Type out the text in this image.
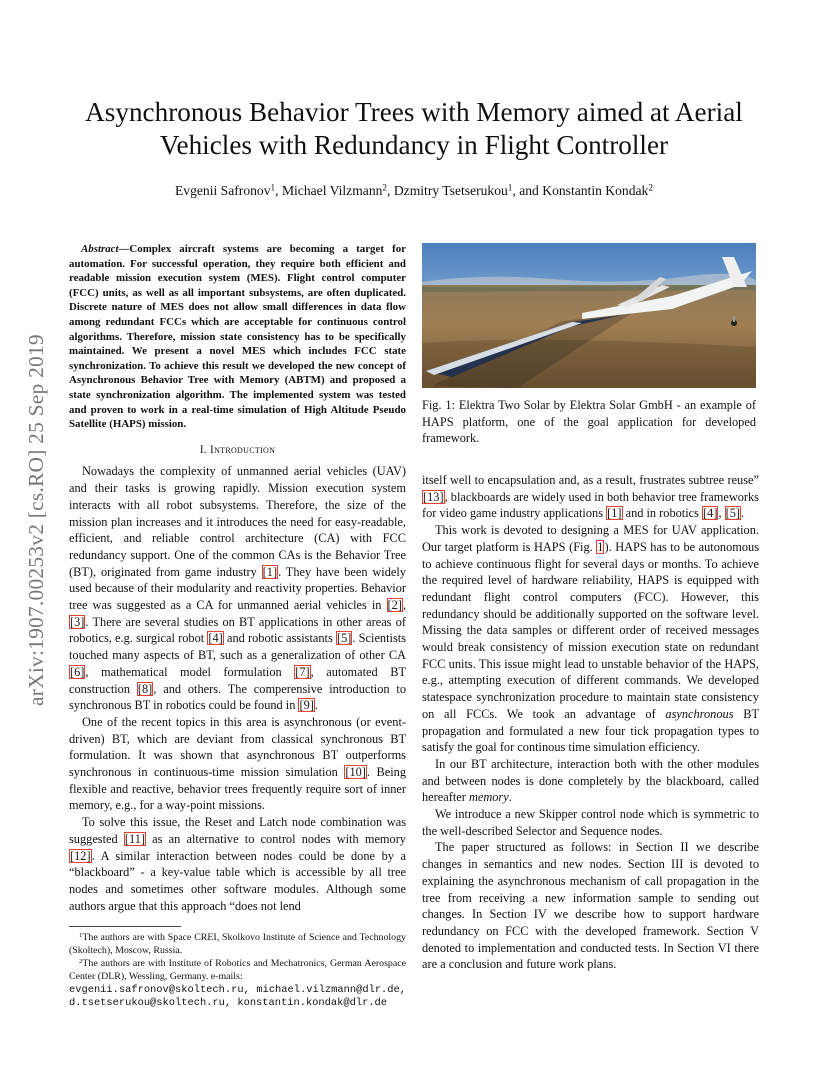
arXiv:1907.00253v2 [cs.RO] 25 Sep 2019
Asynchronous Behavior Trees with Memory aimed at Aerial Vehicles with Redundancy in Flight Controller

Evgenii Safronov$^1$, Michael Vilzmann$^2$, Dzmitry Tsetserukou$^1$, and Konstantin Kondak$^2$

Abstract—Complex aircraft systems are becoming a target for automation. For successful operation, they require both efficient and readable mission execution system (MES). Flight control computer (FCC) units, as well as all important subsystems, are often duplicated. Discrete nature of MES does not allow small differences in data flow among redundant FCCs which are acceptable for continuous control algorithms. Therefore, mission state consistency has to be specifically maintained. We present a novel MES which includes FCC state synchronization. To achieve this result we developed the new concept of Asynchronous Behavior Tree with Memory (ABTM) and proposed a state synchronization algorithm. The implemented system was tested and proven to work in a real-time simulation of High Altitude Pseudo Satellite (HAPS) mission.

I. Introduction

Nowadays the complexity of unmanned aerial vehicles (UAV) and their tasks is growing rapidly. Mission execution system interacts with all robot subsystems. Therefore, the size of the mission plan increases and it introduces the need for easy-readable, efficient, and reliable control architecture (CA) with FCC redundancy support. One of the common CAs is the Behavior Tree (BT), originated from game industry [1]. They have been widely used because of their modularity and reactivity properties. Behavior tree was suggested as a CA for unmanned aerial vehicles in [2], [3]. There are several studies on BT applications in other areas of robotics, e.g. surgical robot [4] and robotic assistants [5]. Scientists touched many aspects of BT, such as a generalization of other CA [6], mathematical model formulation [7], automated BT construction [8], and others. The comperensive introduction to synchronous BT in robotics could be found in [9].

One of the recent topics in this area is asynchronous (or event-driven) BT, which are deviant from classical synchronous BT formulation. It was shown that asynchronous BT outperforms synchronous in continuous-time mission simulation [10]. Being flexible and reactive, behavior trees frequently require sort of inner memory, e.g., for a way-point missions.

To solve this issue, the Reset and Latch node combination was suggested [11] as an alternative to control nodes with memory [12]. A similar interaction between nodes could be done by a “blackboard” - a key-value table which is accessible by all tree nodes and sometimes other software modules. Although some authors argue that this approach “does not lend

$^1$The authors are with Space CREI, Skolkovo Institute of Science and Technology (Skoltech), Moscow, Russia.

$^2$The authors are with Institute of Robotics and Mechatronics, German Aerospace Center (DLR), Wessling, Germany. e-mails:

evgenii.safronov@skoltech.ru, michael.vilzmann@dlr.de, d.tsetserukou@skoltech.ru, konstantin.kondak@dlr.de

Fig. 1: Elektra Two Solar by Elektra Solar GmbH - an example of HAPS platform, one of the goal application for developed framework.

itself well to encapsulation and, as a result, frustrates subtree reuse” [13], blackboards are widely used in both behavior tree frameworks for video game industry applications [1] and in robotics [4], [5].

This work is devoted to designing a MES for UAV application. Our target platform is HAPS (Fig. 1). HAPS has to be autonomous to achieve continuous flight for several days or months. To achieve the required level of hardware reliability, HAPS is equipped with redundant flight control computers (FCC). However, this redundancy should be additionally supported on the software level. Missing the data samples or different order of received messages would break consistency of mission execution state on redundant FCC units. This issue might lead to unstable behavior of the HAPS, e.g., attempting execution of different commands. We developed statespace synchronization procedure to maintain state consistency on all FCCs. We took an advantage of asynchronous BT propagation and formulated a new four tick propagation types to satisfy the goal for continous time simulation efficiency.

In our BT architecture, interaction both with the other modules and between nodes is done completely by the blackboard, called hereafter memory.

We introduce a new Skipper control node which is symmetric to the well-described Selector and Sequence nodes.

The paper structured as follows: in Section II we describe changes in semantics and new nodes. Section III is devoted to explaining the asynchronous mechanism of call propagation in the tree from receiving a new information sample to sending out changes. In Section IV we describe how to support hardware redundancy on FCC with the developed framework. Section V denoted to implementation and conducted tests. In Section VI there are a conclusion and future work plans.
